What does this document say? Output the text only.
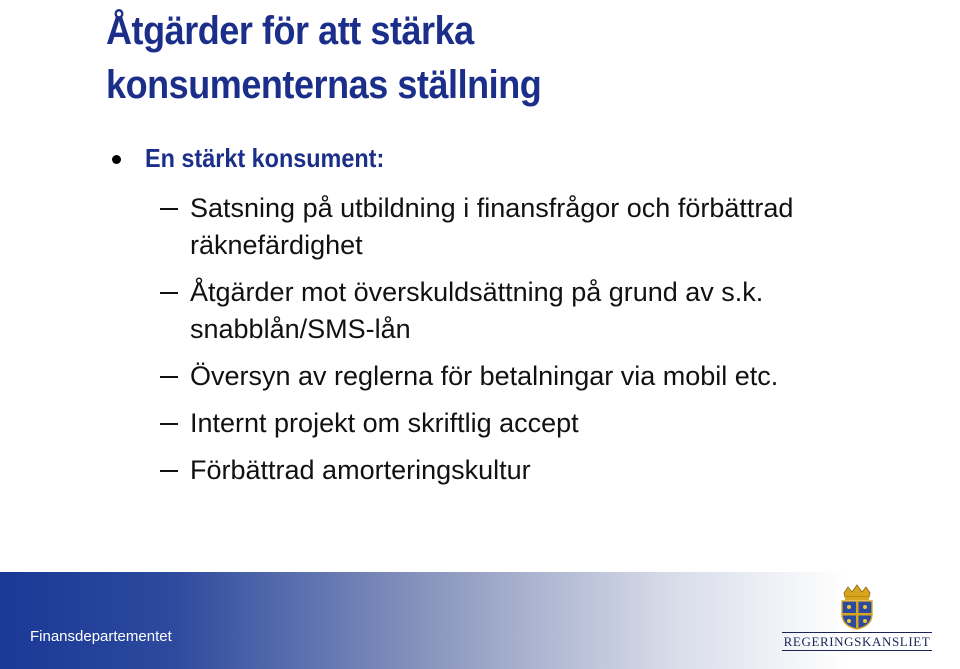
Åtgärder för att stärka
konsumenternas ställning
En stärkt konsument:
Satsning på utbildning i finansfrågor och förbättrad räknefärdighet
Åtgärder mot överskuldsättning på grund av s.k. snabblån/SMS-lån
Översyn av reglerna för betalningar via mobil etc.
Internt projekt om skriftlig accept
Förbättrad amorteringskultur
Finansdepartementet	REGERINGSKANSLIET
